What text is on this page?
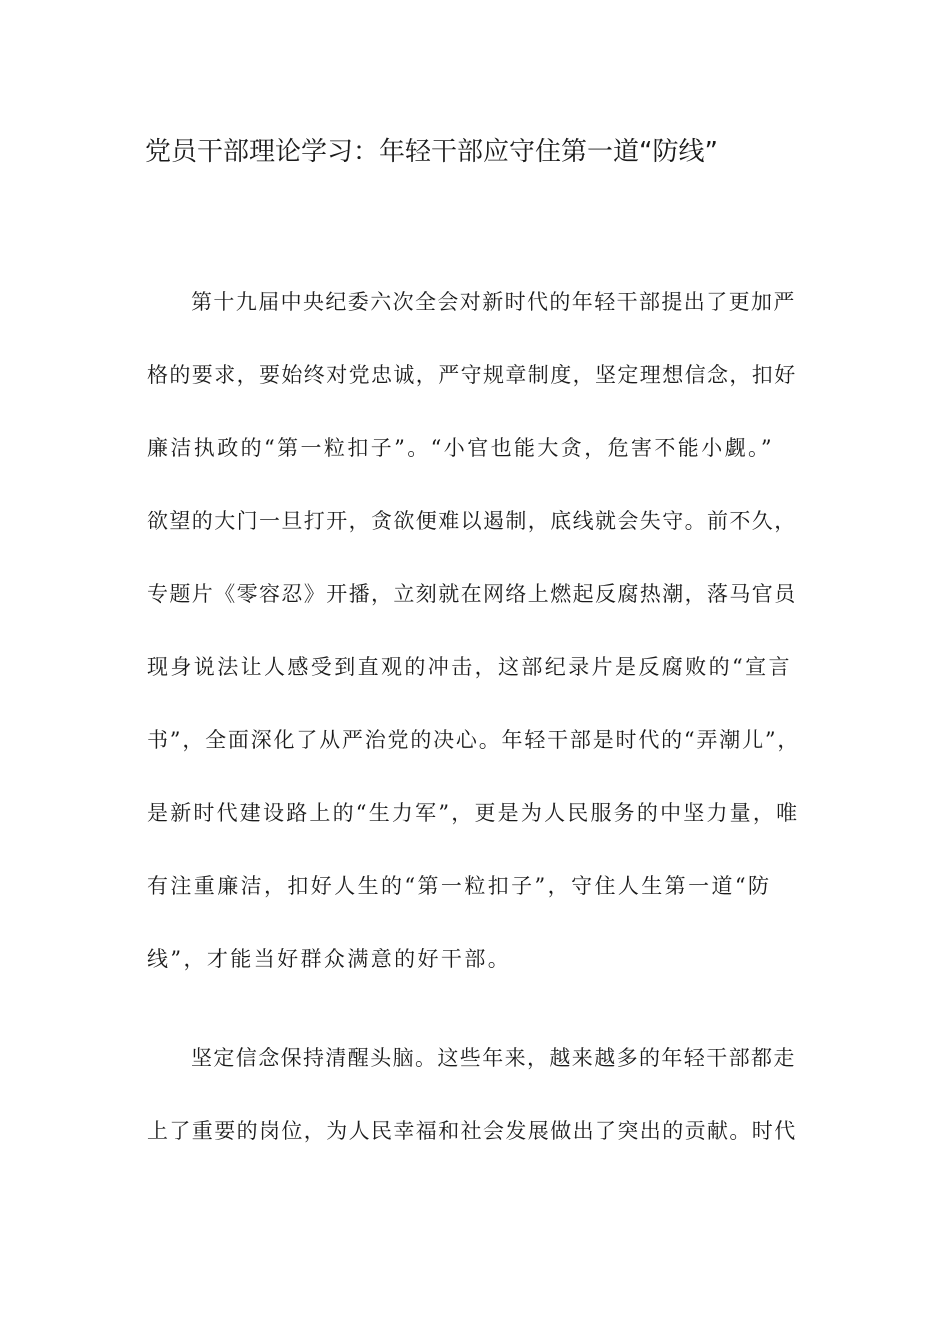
党员干部理论学习：年轻干部应守住第一道“防线”

第十九届中央纪委六次全会对新时代的年轻干部提出了更加严

格的要求，要始终对党忠诚，严守规章制度，坚定理想信念，扣好

廉洁执政的“第一粒扣子”。“小官也能大贪，危害不能小觑。”

欲望的大门一旦打开，贪欲便难以遏制，底线就会失守。前不久，

专题片《零容忍》开播，立刻就在网络上燃起反腐热潮，落马官员

现身说法让人感受到直观的冲击，这部纪录片是反腐败的“宣言

书”，全面深化了从严治党的决心。年轻干部是时代的“弄潮儿”，

是新时代建设路上的“生力军”，更是为人民服务的中坚力量，唯

有注重廉洁，扣好人生的“第一粒扣子”，守住人生第一道“防

线”，才能当好群众满意的好干部。

坚定信念保持清醒头脑。这些年来，越来越多的年轻干部都走

上了重要的岗位，为人民幸福和社会发展做出了突出的贡献。时代
